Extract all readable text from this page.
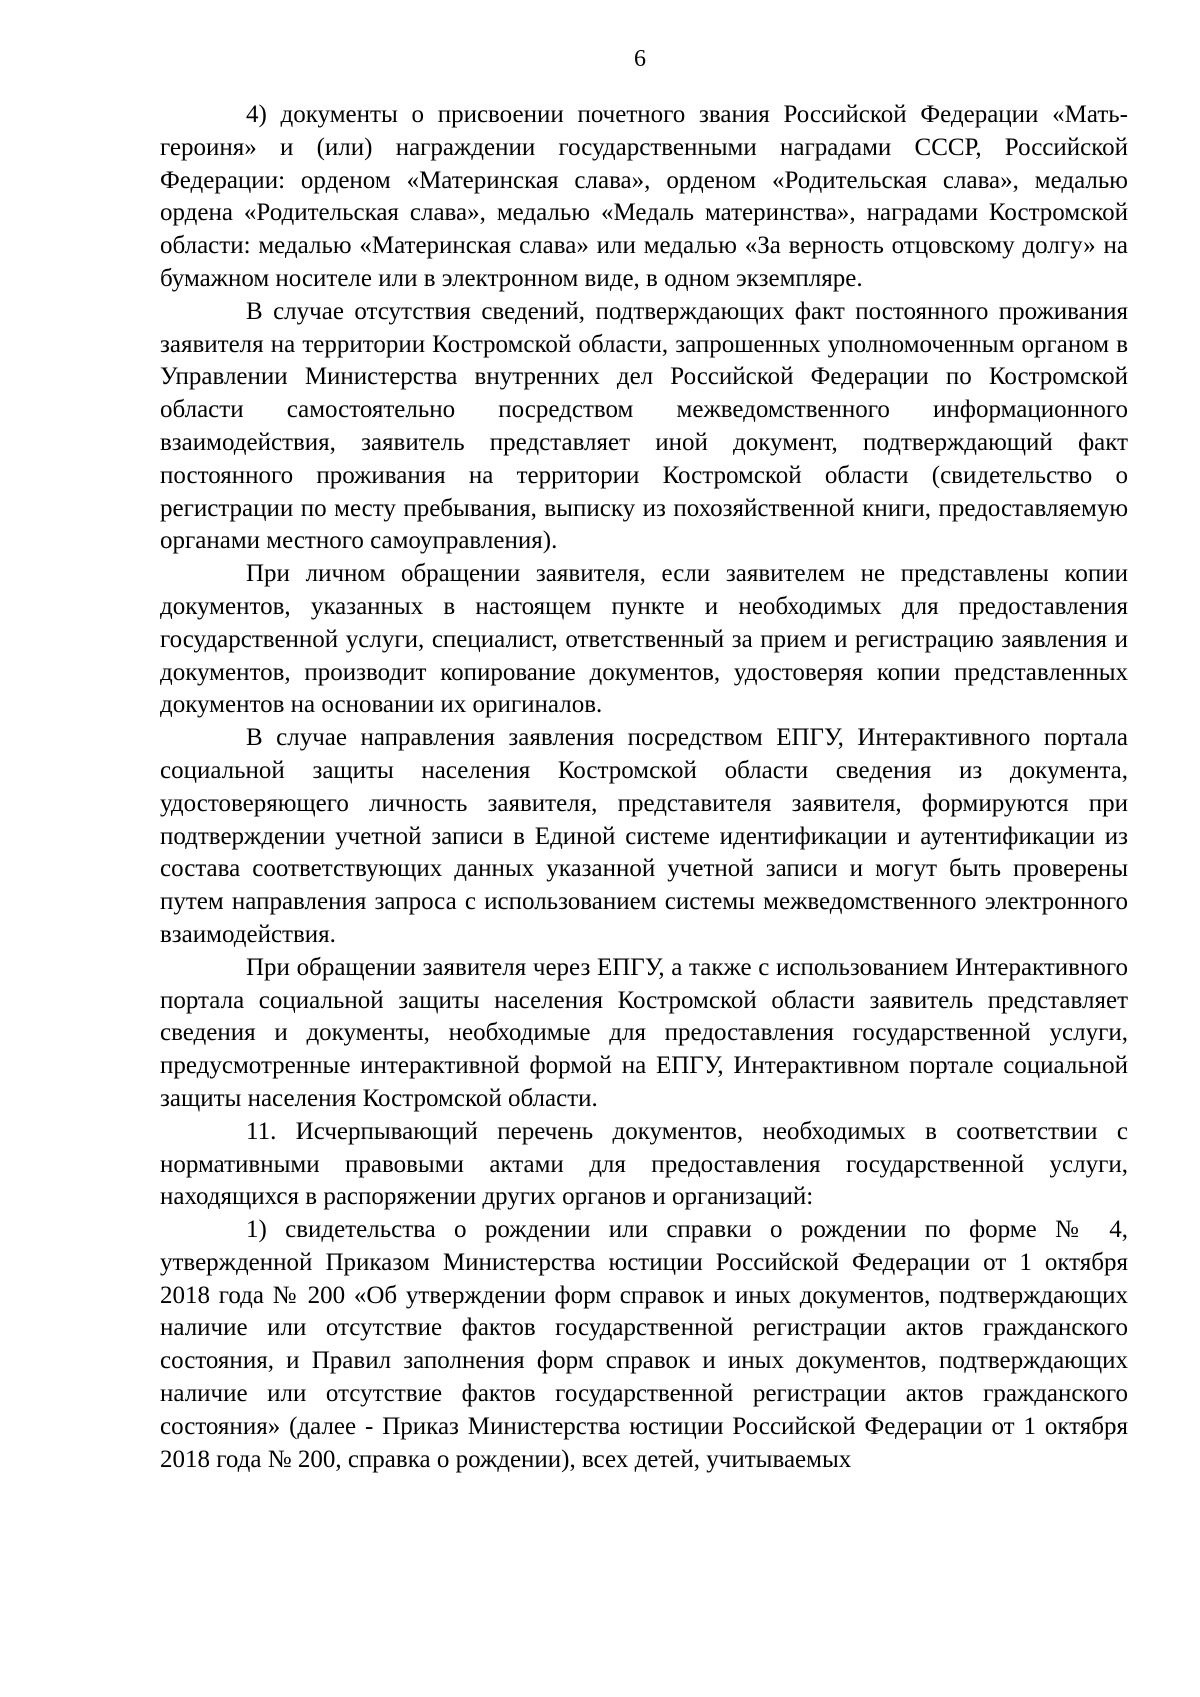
6

4) документы о присвоении почетного звания Российской Федерации «Мать-героиня» и (или) награждении государственными наградами СССР, Российской Федерации: орденом «Материнская слава», орденом «Родительская слава», медалью ордена «Родительская слава», медалью «Медаль материнства», наградами Костромской области: медалью «Материнская слава» или медалью «За верность отцовскому долгу» на бумажном носителе или в электронном виде, в одном экземпляре.

В случае отсутствия сведений, подтверждающих факт постоянного проживания заявителя на территории Костромской области, запрошенных уполномоченным органом в Управлении Министерства внутренних дел Российской Федерации по Костромской области самостоятельно посредством межведомственного информационного взаимодействия, заявитель представляет иной документ, подтверждающий факт постоянного проживания на территории Костромской области (свидетельство о регистрации по месту пребывания, выписку из похозяйственной книги, предоставляемую органами местного самоуправления).

При личном обращении заявителя, если заявителем не представлены копии документов, указанных в настоящем пункте и необходимых для предоставления государственной услуги, специалист, ответственный за прием и регистрацию заявления и документов, производит копирование документов, удостоверяя копии представленных документов на основании их оригиналов.

В случае направления заявления посредством ЕПГУ, Интерактивного портала социальной защиты населения Костромской области сведения из документа, удостоверяющего личность заявителя, представителя заявителя, формируются при подтверждении учетной записи в Единой системе идентификации и аутентификации из состава соответствующих данных указанной учетной записи и могут быть проверены путем направления запроса с использованием системы межведомственного электронного взаимодействия.

При обращении заявителя через ЕПГУ, а также с использованием Интерактивного портала социальной защиты населения Костромской области заявитель представляет сведения и документы, необходимые для предоставления государственной услуги, предусмотренные интерактивной формой на ЕПГУ, Интерактивном портале социальной защиты населения Костромской области.

11. Исчерпывающий перечень документов, необходимых в соответствии с нормативными правовыми актами для предоставления государственной услуги, находящихся в распоряжении других органов и организаций:

1) свидетельства о рождении или справки о рождении по форме № 4, утвержденной Приказом Министерства юстиции Российской Федерации от 1 октября 2018 года № 200 «Об утверждении форм справок и иных документов, подтверждающих наличие или отсутствие фактов государственной регистрации актов гражданского состояния, и Правил заполнения форм справок и иных документов, подтверждающих наличие или отсутствие фактов государственной регистрации актов гражданского состояния» (далее - Приказ Министерства юстиции Российской Федерации от 1 октября 2018 года № 200, справка о рождении), всех детей, учитываемых
